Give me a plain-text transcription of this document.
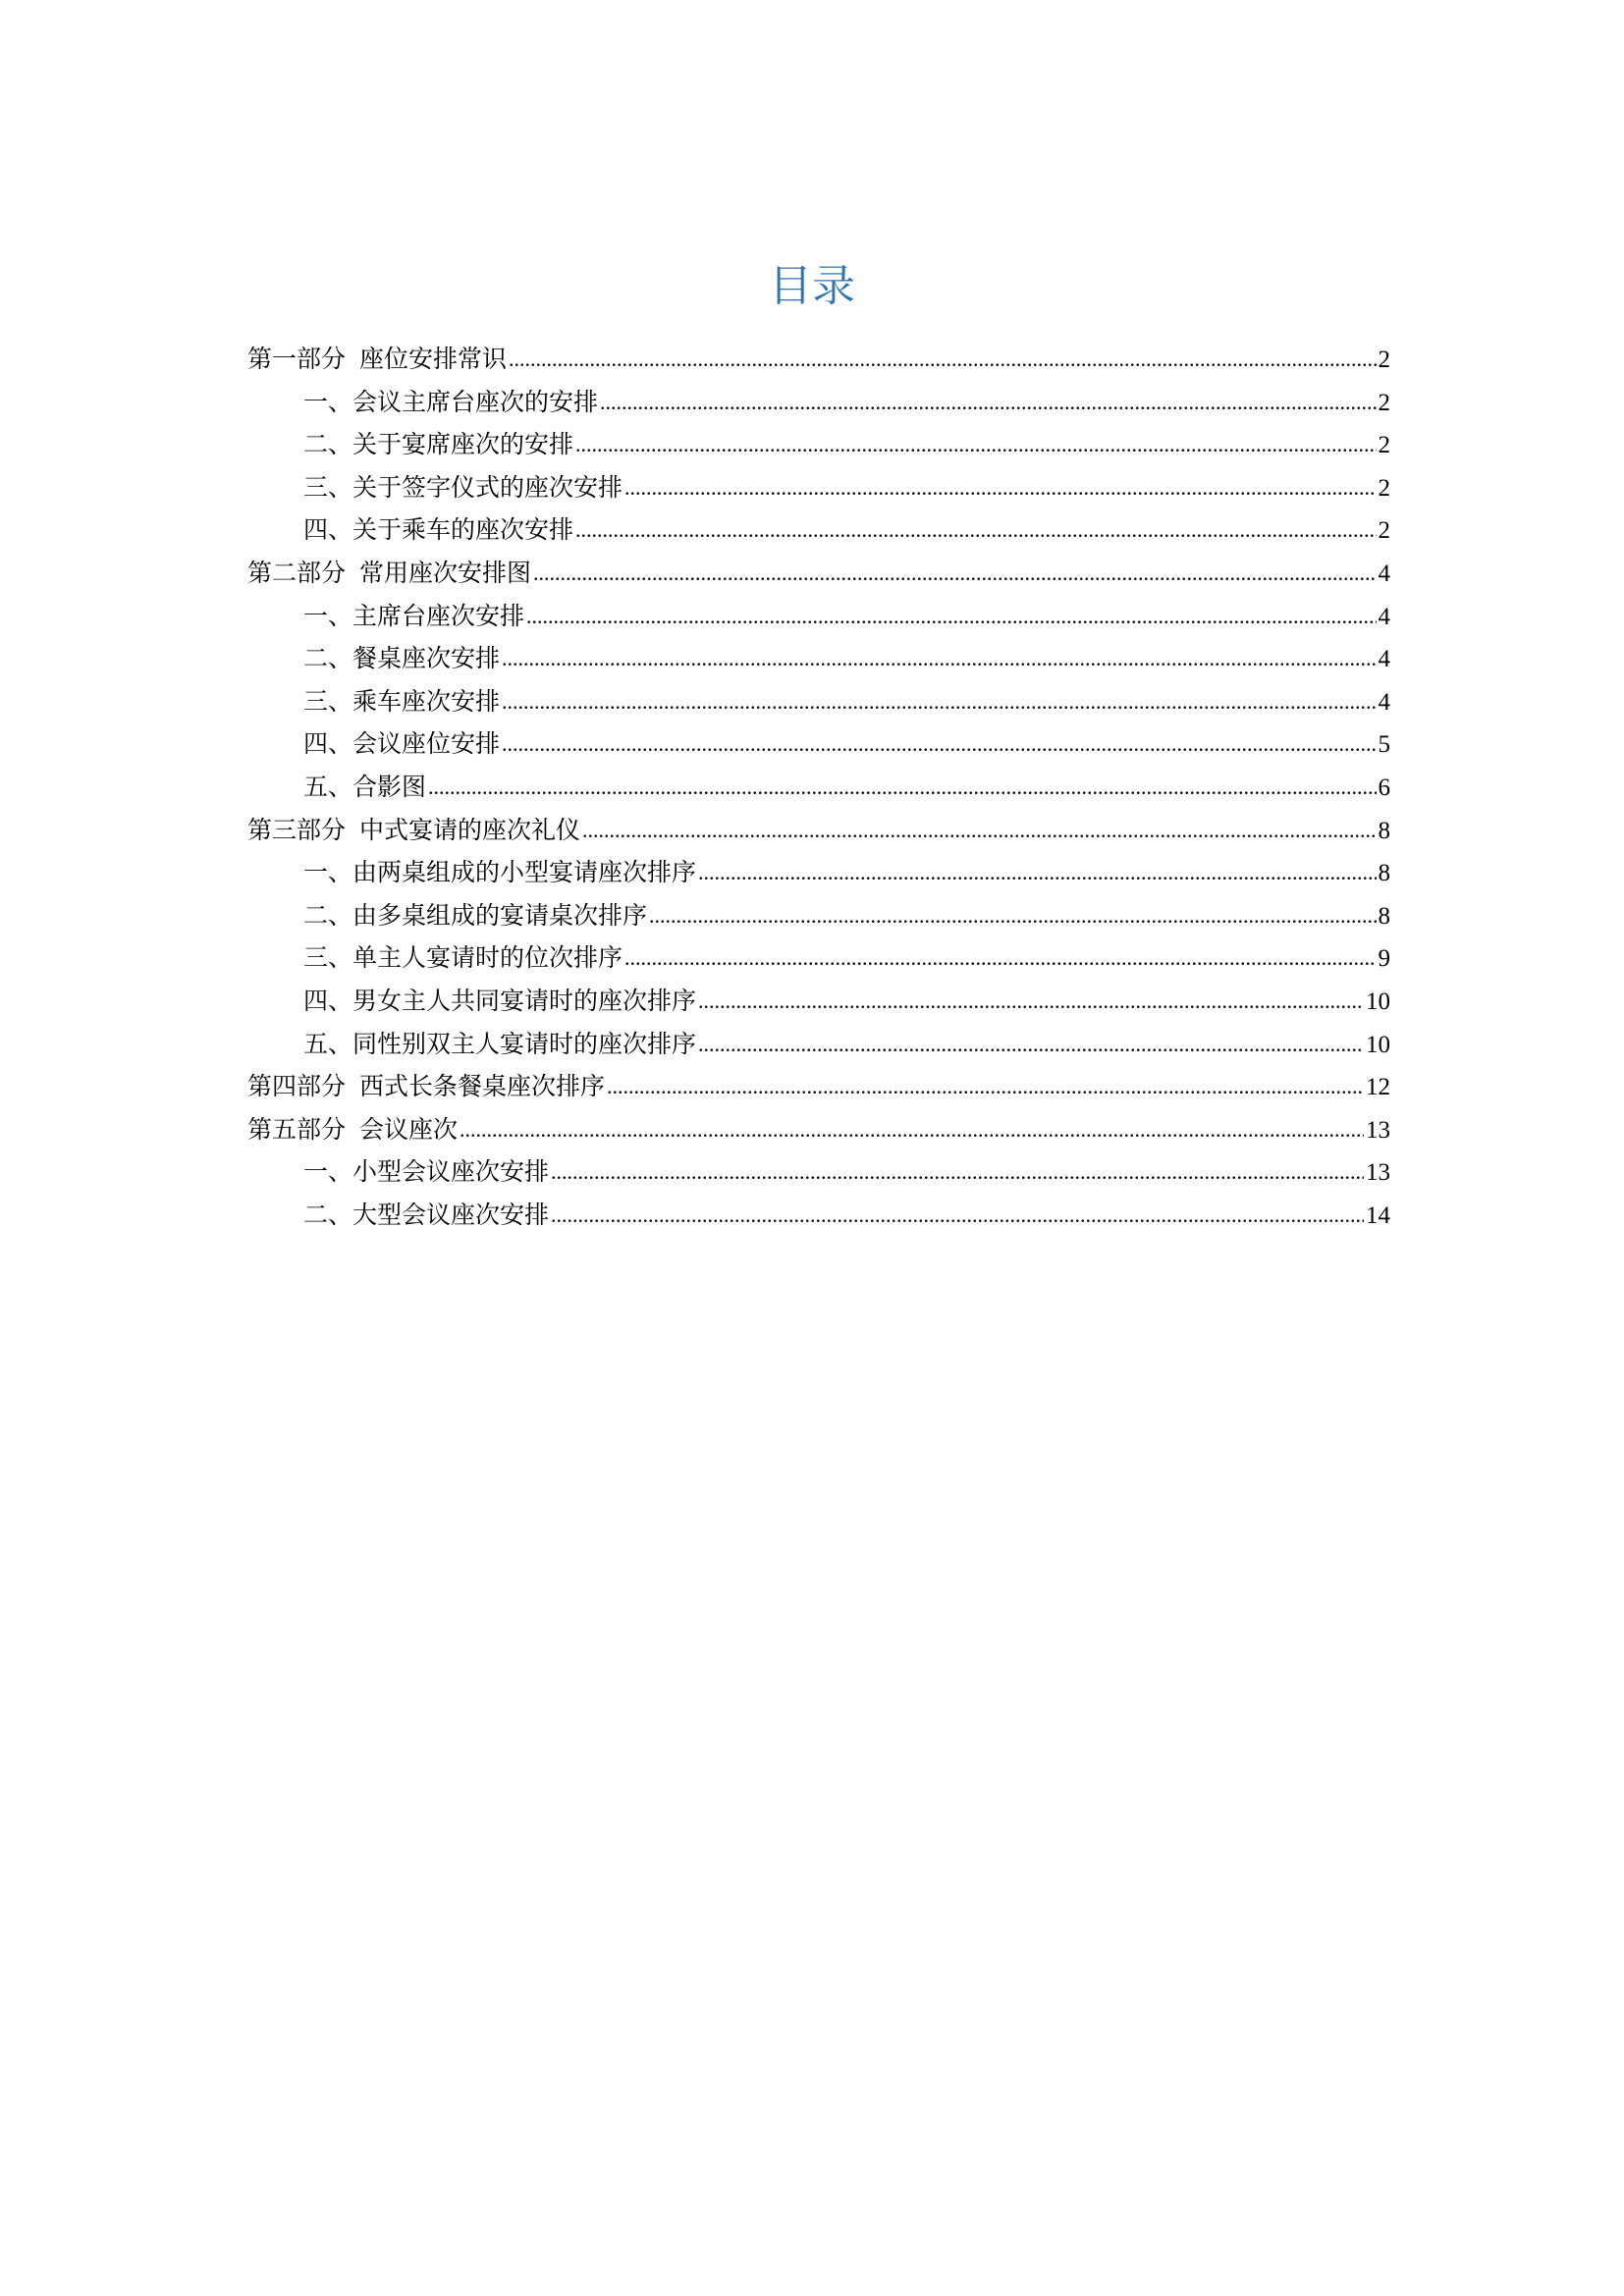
目录
第一部分 座位安排常识 .....	2
一、会议主席台座次的安排 .....	2
二、关于宴席座次的安排 .....	2
三、关于签字仪式的座次安排 .....	2
四、关于乘车的座次安排 .....	2
第二部分 常用座次安排图 .....	4
一、主席台座次安排 .....	4
二、餐桌座次安排 .....	4
三、乘车座次安排 .....	4
四、会议座位安排 .....	5
五、合影图 .....	6
第三部分 中式宴请的座次礼仪 .....	8
一、由两桌组成的小型宴请座次排序 .....	8
二、由多桌组成的宴请桌次排序 .....	8
三、单主人宴请时的位次排序 .....	9
四、男女主人共同宴请时的座次排序 .....	10
五、同性别双主人宴请时的座次排序 .....	10
第四部分 西式长条餐桌座次排序 .....	12
第五部分 会议座次 .....	13
一、小型会议座次安排 .....	13
二、大型会议座次安排 .....	14
